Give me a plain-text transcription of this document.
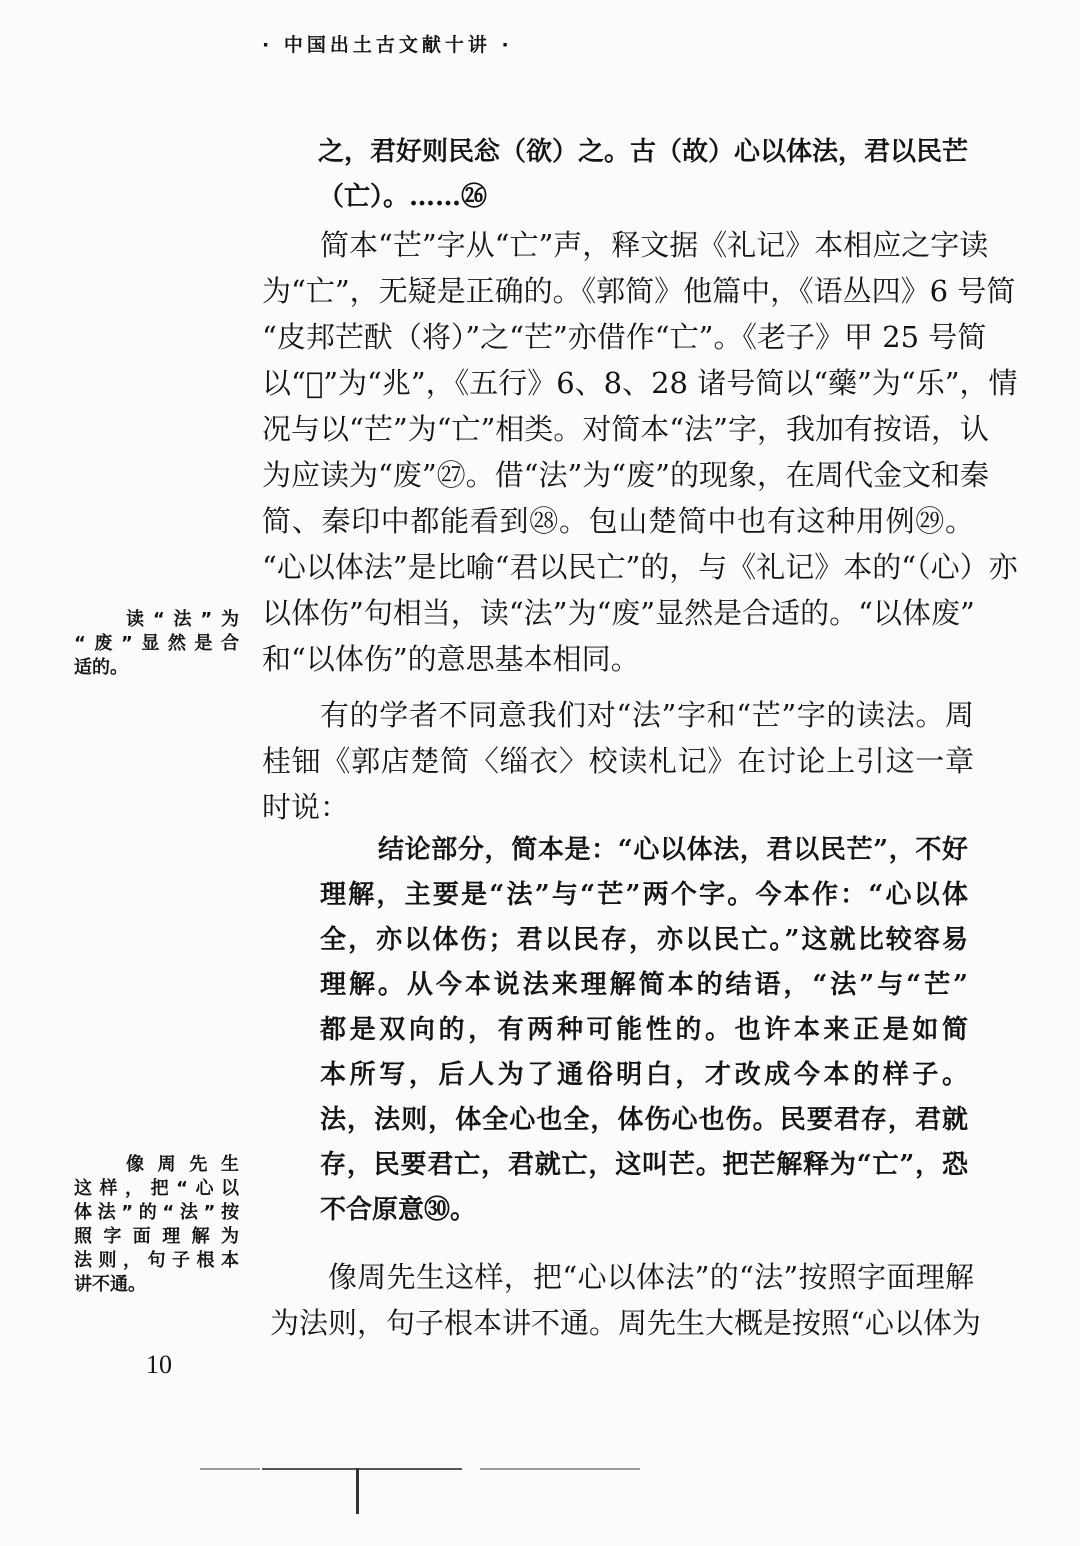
· 中国出土古文献十讲 ·
之，君好则民忩（欲）之。古（故）心以体法，君以民芒
（亡）。……㉖
简本“芒”字从“亡”声，释文据《礼记》本相应之字读
为“亡”，无疑是正确的。《郭简》他篇中，《语丛四》6 号简
“皮邦芒䣭（将）”之“芒”亦借作“亡”。《老子》甲 25 号简
以“𦬭”为“兆”，《五行》6、8、28 诸号简以“藥”为“乐”，情
况与以“芒”为“亡”相类。对简本“法”字，我加有按语，认
为应读为“废”㉗。借“法”为“废”的现象，在周代金文和秦
简、秦印中都能看到㉘。包山楚简中也有这种用例㉙。
“心以体法”是比喻“君以民亡”的，与《礼记》本的“（心）亦
以体伤”句相当，读“法”为“废”显然是合适的。“以体废”
和“以体伤”的意思基本相同。
有的学者不同意我们对“法”字和“芒”字的读法。周
桂钿《郭店楚简〈缁衣〉校读札记》在讨论上引这一章
时说：
结论部分，简本是：“心以体法，君以民芒”，不好
理解，主要是“法”与“芒”两个字。今本作：“心以体
全，亦以体伤；君以民存，亦以民亡。”这就比较容易
理解。从今本说法来理解简本的结语，“法”与“芒”
都是双向的，有两种可能性的。也许本来正是如简
本所写，后人为了通俗明白，才改成今本的样子。
法，法则，体全心也全，体伤心也伤。民要君存，君就
存，民要君亡，君就亡，这叫芒。把芒解释为“亡”，恐
不合原意㉚。
像周先生这样，把“心以体法”的“法”按照字面理解
为法则，句子根本讲不通。周先生大概是按照“心以体为
读“法”为
“废”显然是合
适的。
像周先生
这样，把“心以
体法”的“法”按
照字面理解为
法则，句子根本
讲不通。
10
